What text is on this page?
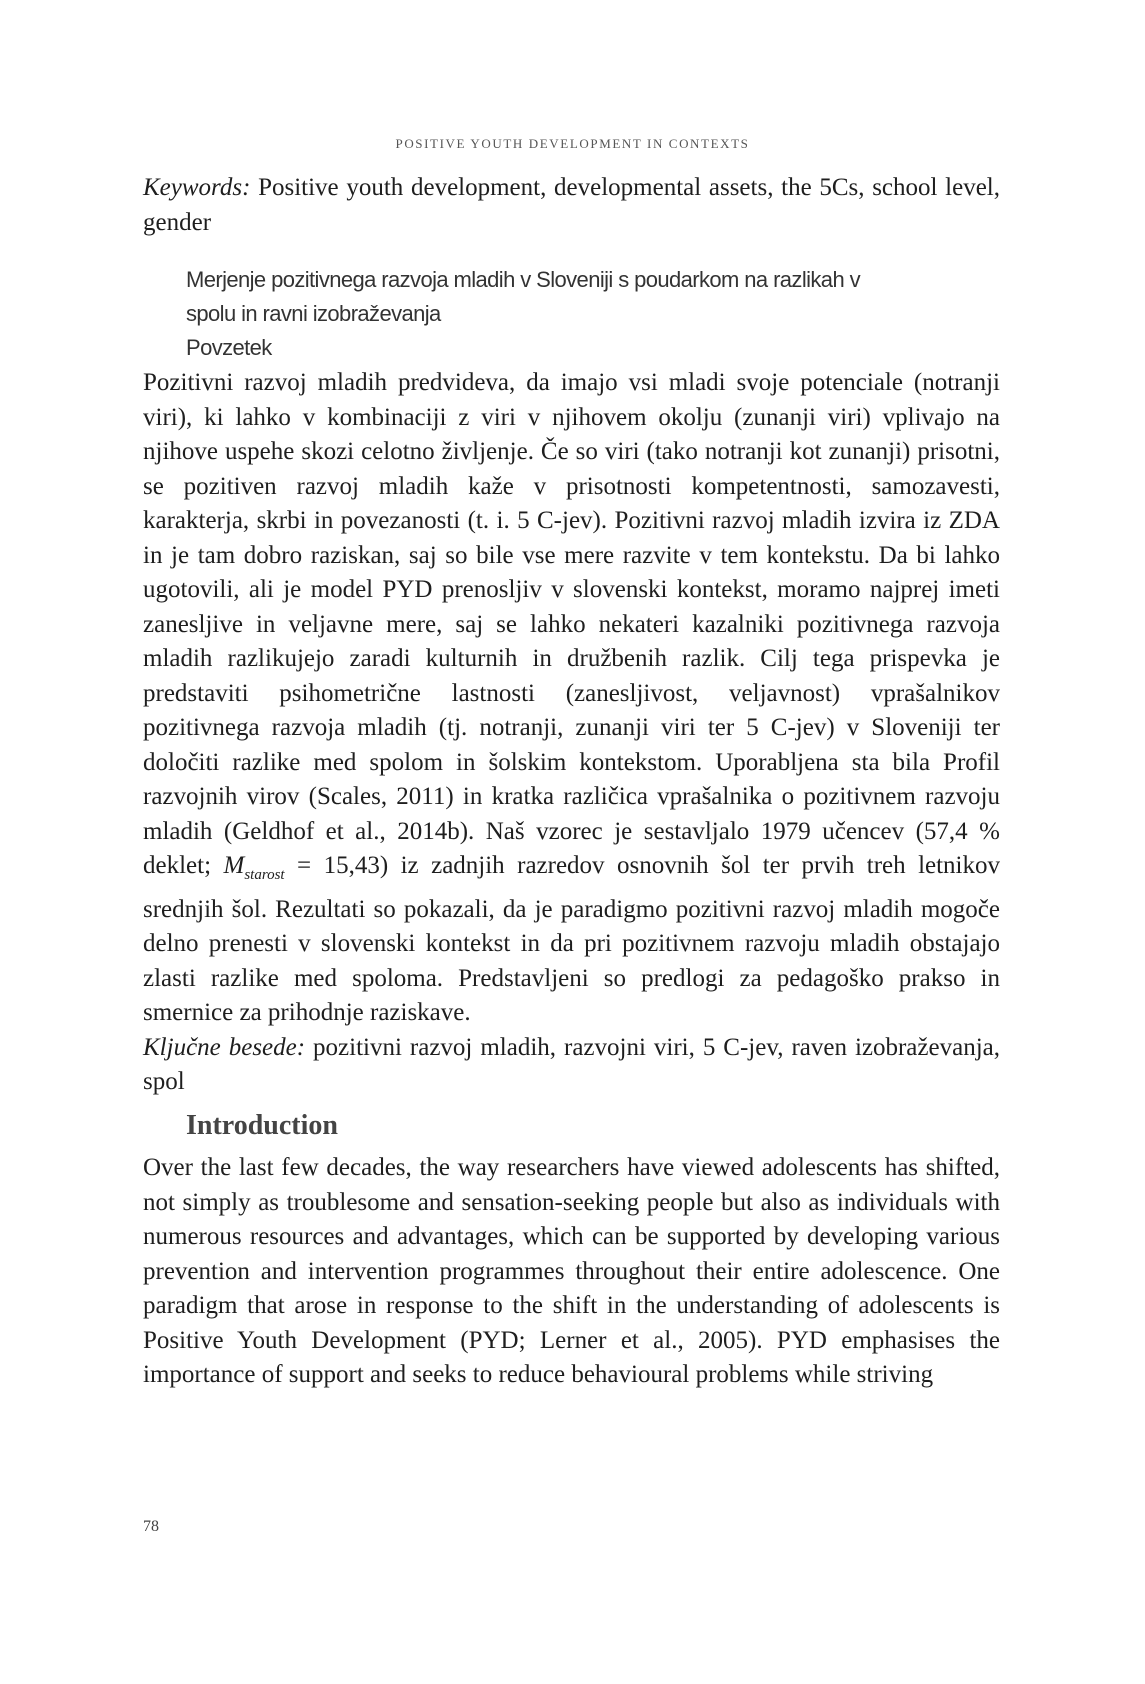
POSITIVE YOUTH DEVELOPMENT IN CONTEXTS

Keywords: Positive youth development, developmental assets, the 5Cs, school level, gender

Merjenje pozitivnega razvoja mladih v Sloveniji s poudarkom na razlikah v spolu in ravni izobraževanja

Povzetek

Pozitivni razvoj mladih predvideva, da imajo vsi mladi svoje potenciale (notranji viri), ki lahko v kombinaciji z viri v njihovem okolju (zunanji viri) vplivajo na njihove uspehe skozi celotno življenje. Če so viri (tako notranji kot zunanji) prisotni, se pozitiven razvoj mladih kaže v prisotnosti kompetentnosti, samozavesti, karakterja, skrbi in povezanosti (t. i. 5 C-jev). Pozitivni razvoj mladih izvira iz ZDA in je tam dobro raziskan, saj so bile vse mere razvite v tem kontekstu. Da bi lahko ugotovili, ali je model PYD prenosljiv v slovenski kontekst, moramo najprej imeti zanesljive in veljavne mere, saj se lahko nekateri kazalniki pozitivnega razvoja mladih razlikujejo zaradi kulturnih in družbenih razlik. Cilj tega prispevka je predstaviti psihometrične lastnosti (zanesljivost, veljavnost) vprašalnikov pozitivnega razvoja mladih (tj. notranji, zunanji viri ter 5 C-jev) v Sloveniji ter določiti razlike med spolom in šolskim kontekstom. Uporabljena sta bila Profil razvojnih virov (Scales, 2011) in kratka različica vprašalnika o pozitivnem razvoju mladih (Geldhof et al., 2014b). Naš vzorec je sestavljalo 1979 učencev (57,4 % deklet; $M_{starost} = 15,43$) iz zadnjih razredov osnovnih šol ter prvih treh letnikov srednjih šol. Rezultati so pokazali, da je paradigmo pozitivni razvoj mladih mogoče delno prenesti v slovenski kontekst in da pri pozitivnem razvoju mladih obstajajo zlasti razlike med spoloma. Predstavljeni so predlogi za pedagoško prakso in smernice za prihodnje raziskave.

Ključne besede: pozitivni razvoj mladih, razvojni viri, 5 C-jev, raven izobraževanja, spol

Introduction

Over the last few decades, the way researchers have viewed adolescents has shifted, not simply as troublesome and sensation-seeking people but also as individuals with numerous resources and advantages, which can be supported by developing various prevention and intervention programmes throughout their entire adolescence. One paradigm that arose in response to the shift in the understanding of adolescents is Positive Youth Development (PYD; Lerner et al., 2005). PYD emphasises the importance of support and seeks to reduce behavioural problems while striving

78
